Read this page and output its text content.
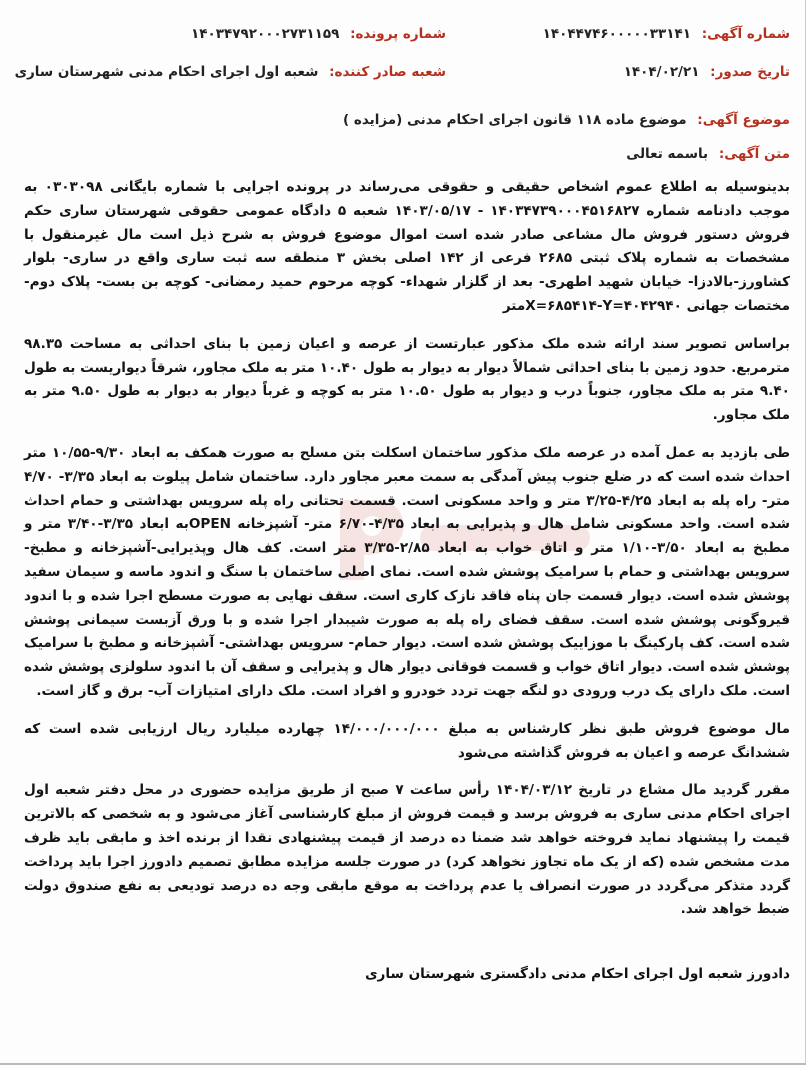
شماره آگهی: ۱۴۰۴۴۷۴۶۰۰۰۰۰۳۳۱۴۱
شماره پرونده: ۱۴۰۳۴۷۹۲۰۰۰۲۷۳۱۱۵۹
تاریخ صدور: ۱۴۰۴/۰۲/۲۱
شعبه صادر کننده: شعبه اول اجرای احکام مدنی شهرستان ساری
موضوع آگهی: موضوع ماده ۱۱۸ قانون اجرای احکام مدنی (مزایده )
متن آگهی: باسمه تعالی

بدینوسیله به اطلاع عموم اشخاص حقیقی و حقوقی می‌رساند در پرونده اجرایی با شماره بایگانی ۰۳۰۳۰۹۸ به موجب دادنامه شماره ۱۴۰۳۴۷۳۹۰۰۰۴۵۱۶۸۲۷ - ۱۴۰۳/۰۵/۱۷ شعبه ۵ دادگاه عمومی حقوقی شهرستان ساری حکم فروش دستور فروش مال مشاعی صادر شده است اموال موضوع فروش به شرح ذیل است مال غیرمنقول با مشخصات به شماره پلاک ثبتی ۲۶۸۵ فرعی از ۱۴۲ اصلی بخش ۳ منطقه سه ثبت ساری واقع در ساری- بلوار کشاورز-بالادزا- خیابان شهید اطهری- بعد از گلزار شهداء- کوچه مرحوم حمید رمضانی- کوچه بن بست- پلاک دوم- مختصات جهانی X=۶۸۵۴۱۴-Y=۴۰۴۲۹۴۰متر

براساس تصویر سند ارائه شده ملک مذکور عبارتست از عرصه و اعیان زمین با بنای احداثی به مساحت ۹۸.۳۵ مترمربع. حدود زمین با بنای احداثی شمالاً دیوار به دیوار به طول ۱۰.۴۰ متر به ملک مجاور، شرقاً دیواریست به طول ۹.۴۰ متر به ملک مجاور، جنوباً درب و دیوار به طول ۱۰.۵۰ متر به کوچه و غرباً دیوار به دیوار به طول ۹.۵۰ متر به ملک مجاور.

طی بازدید به عمل آمده در عرصه ملک مذکور ساختمان اسکلت بتن مسلح به صورت همکف به ابعاد ۹/۳۰-۱۰/۵۵ متر احداث شده است که در ضلع جنوب پیش آمدگی به سمت معبر مجاور دارد. ساختمان شامل پیلوت به ابعاد ۳/۳۵- ۴/۷۰ متر- راه پله به ابعاد ۴/۲۵-۳/۲۵ متر و واحد مسکونی است. قسمت تحتانی راه پله سرویس بهداشتی و حمام احداث شده است. واحد مسکونی شامل هال و پذیرایی به ابعاد ۴/۳۵-۶/۷۰ متر- آشپزخانه OPENبه ابعاد ۳/۳۵-۳/۴۰ متر و مطبخ به ابعاد ۳/۵۰-۱/۱۰ متر و اتاق خواب به ابعاد ۲/۸۵-۳/۳۵ متر است. کف هال وپذیرایی-آشپزخانه و مطبخ- سرویس بهداشتی و حمام با سرامیک پوشش شده است. نمای اصلی ساختمان با سنگ و اندود ماسه و سیمان سفید پوشش شده است. دیوار قسمت جان پناه فاقد نازک کاری است. سقف نهایی به صورت مسطح اجرا شده و با اندود قیروگونی پوشش شده است. سقف فضای راه پله به صورت شیبدار اجرا شده و با ورق آزبست سیمانی پوشش شده است. کف پارکینگ با موزاییک پوشش شده است. دیوار حمام- سرویس بهداشتی- آشپزخانه و مطبخ با سرامیک پوشش شده است. دیوار اتاق خواب و قسمت فوقانی دیوار هال و پذیرایی و سقف آن با اندود سلولزی پوشش شده است. ملک دارای یک درب ورودی دو لنگه جهت تردد خودرو و افراد است. ملک دارای امتیازات آب- برق و گاز است.

مال موضوع فروش طبق نظر کارشناس به مبلغ ۱۴/۰۰۰/۰۰۰/۰۰۰ چهارده میلیارد ریال ارزیابی شده است که ششدانگ عرصه و اعیان به فروش گذاشته می‌شود

مقرر گردید مال مشاع در تاریخ ۱۴۰۴/۰۳/۱۲ رأس ساعت ۷ صبح از طریق مزایده حضوری در محل دفتر شعبه اول اجرای احکام مدنی ساری به فروش برسد و قیمت فروش از مبلغ کارشناسی آغاز می‌شود و به شخصی که بالاترین قیمت را پیشنهاد نماید فروخته خواهد شد ضمنا ده درصد از قیمت پیشنهادی نقدا از برنده اخذ و مابقی باید ظرف مدت مشخص شده (که از یک ماه تجاوز نخواهد کرد) در صورت جلسه مزایده مطابق تصمیم دادورز اجرا باید پرداخت گردد متذکر می‌گردد در صورت انصراف یا عدم پرداخت به موقع مابقی وجه ده درصد تودیعی به نفع صندوق دولت ضبط خواهد شد.

دادورز شعبه اول اجرای احکام مدنی دادگستری شهرستان ساری
